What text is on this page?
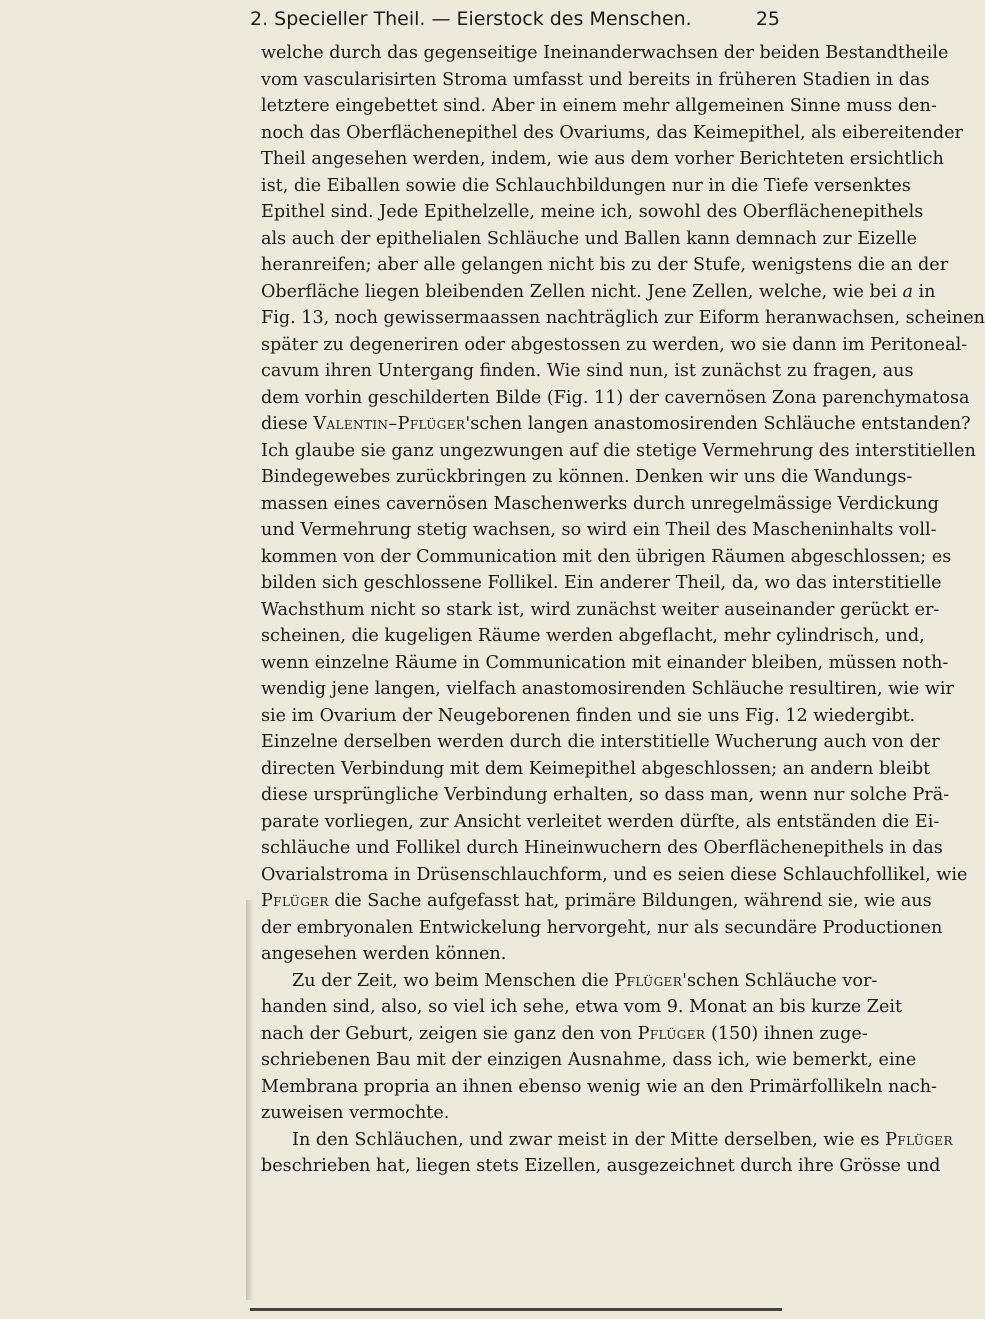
2. Specieller Theil. — Eierstock des Menschen.	25
welche durch das gegenseitige Ineinanderwachsen der beiden Bestandtheile
vom vascularisirten Stroma umfasst und bereits in früheren Stadien in das
letztere eingebettet sind. Aber in einem mehr allgemeinen Sinne muss den-
noch das Oberflächenepithel des Ovariums, das Keimepithel, als eibereitender
Theil angesehen werden, indem, wie aus dem vorher Berichteten ersichtlich
ist, die Eiballen sowie die Schlauchbildungen nur in die Tiefe versenktes
Epithel sind. Jede Epithelzelle, meine ich, sowohl des Oberflächenepithels
als auch der epithelialen Schläuche und Ballen kann demnach zur Eizelle
heranreifen; aber alle gelangen nicht bis zu der Stufe, wenigstens die an der
Oberfläche liegen bleibenden Zellen nicht. Jene Zellen, welche, wie bei a in
Fig. 13, noch gewissermaassen nachträglich zur Eiform heranwachsen, scheinen
später zu degeneriren oder abgestossen zu werden, wo sie dann im Peritoneal-
cavum ihren Untergang finden. Wie sind nun, ist zunächst zu fragen, aus
dem vorhin geschilderten Bilde (Fig. 11) der cavernösen Zona parenchymatosa
diese Valentin–Pflüger'schen langen anastomosirenden Schläuche entstanden?
Ich glaube sie ganz ungezwungen auf die stetige Vermehrung des interstitiellen
Bindegewebes zurückbringen zu können. Denken wir uns die Wandungs-
massen eines cavernösen Maschenwerks durch unregelmässige Verdickung
und Vermehrung stetig wachsen, so wird ein Theil des Mascheninhalts voll-
kommen von der Communication mit den übrigen Räumen abgeschlossen; es
bilden sich geschlossene Follikel. Ein anderer Theil, da, wo das interstitielle
Wachsthum nicht so stark ist, wird zunächst weiter auseinander gerückt er-
scheinen, die kugeligen Räume werden abgeflacht, mehr cylindrisch, und,
wenn einzelne Räume in Communication mit einander bleiben, müssen noth-
wendig jene langen, vielfach anastomosirenden Schläuche resultiren, wie wir
sie im Ovarium der Neugeborenen finden und sie uns Fig. 12 wiedergibt.
Einzelne derselben werden durch die interstitielle Wucherung auch von der
directen Verbindung mit dem Keimepithel abgeschlossen; an andern bleibt
diese ursprüngliche Verbindung erhalten, so dass man, wenn nur solche Prä-
parate vorliegen, zur Ansicht verleitet werden dürfte, als entständen die Ei-
schläuche und Follikel durch Hineinwuchern des Oberflächenepithels in das
Ovarialstroma in Drüsenschlauchform, und es seien diese Schlauchfollikel, wie
Pflüger die Sache aufgefasst hat, primäre Bildungen, während sie, wie aus
der embryonalen Entwickelung hervorgeht, nur als secundäre Productionen
angesehen werden können.
Zu der Zeit, wo beim Menschen die Pflüger'schen Schläuche vor-
handen sind, also, so viel ich sehe, etwa vom 9. Monat an bis kurze Zeit
nach der Geburt, zeigen sie ganz den von Pflüger (150) ihnen zuge-
schriebenen Bau mit der einzigen Ausnahme, dass ich, wie bemerkt, eine
Membrana propria an ihnen ebenso wenig wie an den Primärfollikeln nach-
zuweisen vermochte.
In den Schläuchen, und zwar meist in der Mitte derselben, wie es Pflüger
beschrieben hat, liegen stets Eizellen, ausgezeichnet durch ihre Grösse und
